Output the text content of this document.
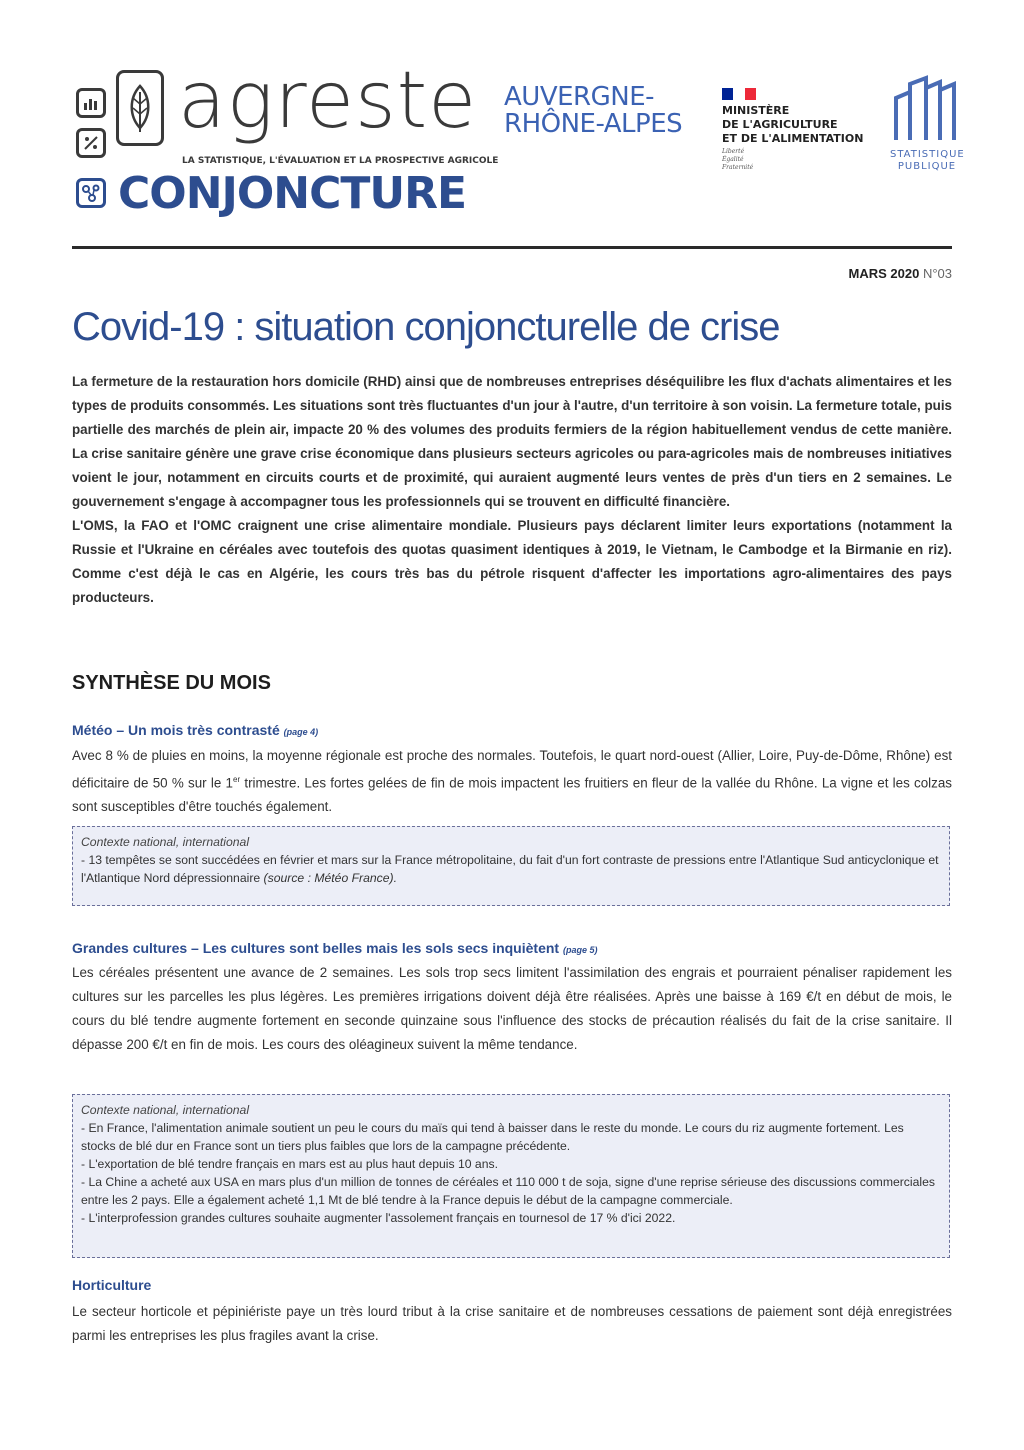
agreste
LA STATISTIQUE, L'ÉVALUATION ET LA PROSPECTIVE AGRICOLE
CONJONCTURE
AUVERGNE-
RHÔNE-ALPES	MINISTÈRE
DE L'AGRICULTURE
ET DE L'ALIMENTATION
Liberté
Égalité
Fraternité
STATISTIQUE
PUBLIQUE
MARS 2020 N°03
Covid-19 : situation conjoncturelle de crise

La fermeture de la restauration hors domicile (RHD) ainsi que de nombreuses entreprises déséquilibre les flux d'achats alimentaires et les types de produits consommés. Les situations sont très fluctuantes d'un jour à l'autre, d'un territoire à son voisin. La fermeture totale, puis partielle des marchés de plein air, impacte 20 % des volumes des produits fermiers de la région habituellement vendus de cette manière. La crise sanitaire génère une grave crise économique dans plusieurs secteurs agricoles ou para-agricoles mais de nombreuses initiatives voient le jour, notamment en circuits courts et de proximité, qui auraient augmenté leurs ventes de près d'un tiers en 2 semaines. Le gouvernement s'engage à accompagner tous les professionnels qui se trouvent en difficulté financière.

L'OMS, la FAO et l'OMC craignent une crise alimentaire mondiale. Plusieurs pays déclarent limiter leurs exportations (notamment la Russie et l'Ukraine en céréales avec toutefois des quotas quasiment identiques à 2019, le Vietnam, le Cambodge et la Birmanie en riz). Comme c'est déjà le cas en Algérie, les cours très bas du pétrole risquent d'affecter les importations agro-alimentaires des pays producteurs.

SYNTHÈSE DU MOIS
Météo – Un mois très contrasté (page 4)
Avec 8 % de pluies en moins, la moyenne régionale est proche des normales. Toutefois, le quart nord-ouest (Allier, Loire, Puy-de-Dôme, Rhône) est déficitaire de 50 % sur le 1er trimestre. Les fortes gelées de fin de mois impactent les fruitiers en fleur de la vallée du Rhône. La vigne et les colzas sont susceptibles d'être touchés également.
Contexte national, international
- 13 tempêtes se sont succédées en février et mars sur la France métropolitaine, du fait d'un fort contraste de pressions entre l'Atlantique Sud anticyclonique et l'Atlantique Nord dépressionnaire (source : Météo France).
Grandes cultures – Les cultures sont belles mais les sols secs inquiètent (page 5)
Les céréales présentent une avance de 2 semaines. Les sols trop secs limitent l'assimilation des engrais et pourraient pénaliser rapidement les cultures sur les parcelles les plus légères. Les premières irrigations doivent déjà être réalisées. Après une baisse à 169 €/t en début de mois, le cours du blé tendre augmente fortement en seconde quinzaine sous l'influence des stocks de précaution réalisés du fait de la crise sanitaire. Il dépasse 200 €/t en fin de mois. Les cours des oléagineux suivent la même tendance.
Contexte national, international
- En France, l'alimentation animale soutient un peu le cours du maïs qui tend à baisser dans le reste du monde. Le cours du riz augmente fortement. Les stocks de blé dur en France sont un tiers plus faibles que lors de la campagne précédente.
- L'exportation de blé tendre français en mars est au plus haut depuis 10 ans.
- La Chine a acheté aux USA en mars plus d'un million de tonnes de céréales et 110 000 t de soja, signe d'une reprise sérieuse des discussions commerciales entre les 2 pays. Elle a également acheté 1,1 Mt de blé tendre à la France depuis le début de la campagne commerciale.
- L'interprofession grandes cultures souhaite augmenter l'assolement français en tournesol de 17 % d'ici 2022.
Horticulture
Le secteur horticole et pépiniériste paye un très lourd tribut à la crise sanitaire et de nombreuses cessations de paiement sont déjà enregistrées parmi les entreprises les plus fragiles avant la crise.
